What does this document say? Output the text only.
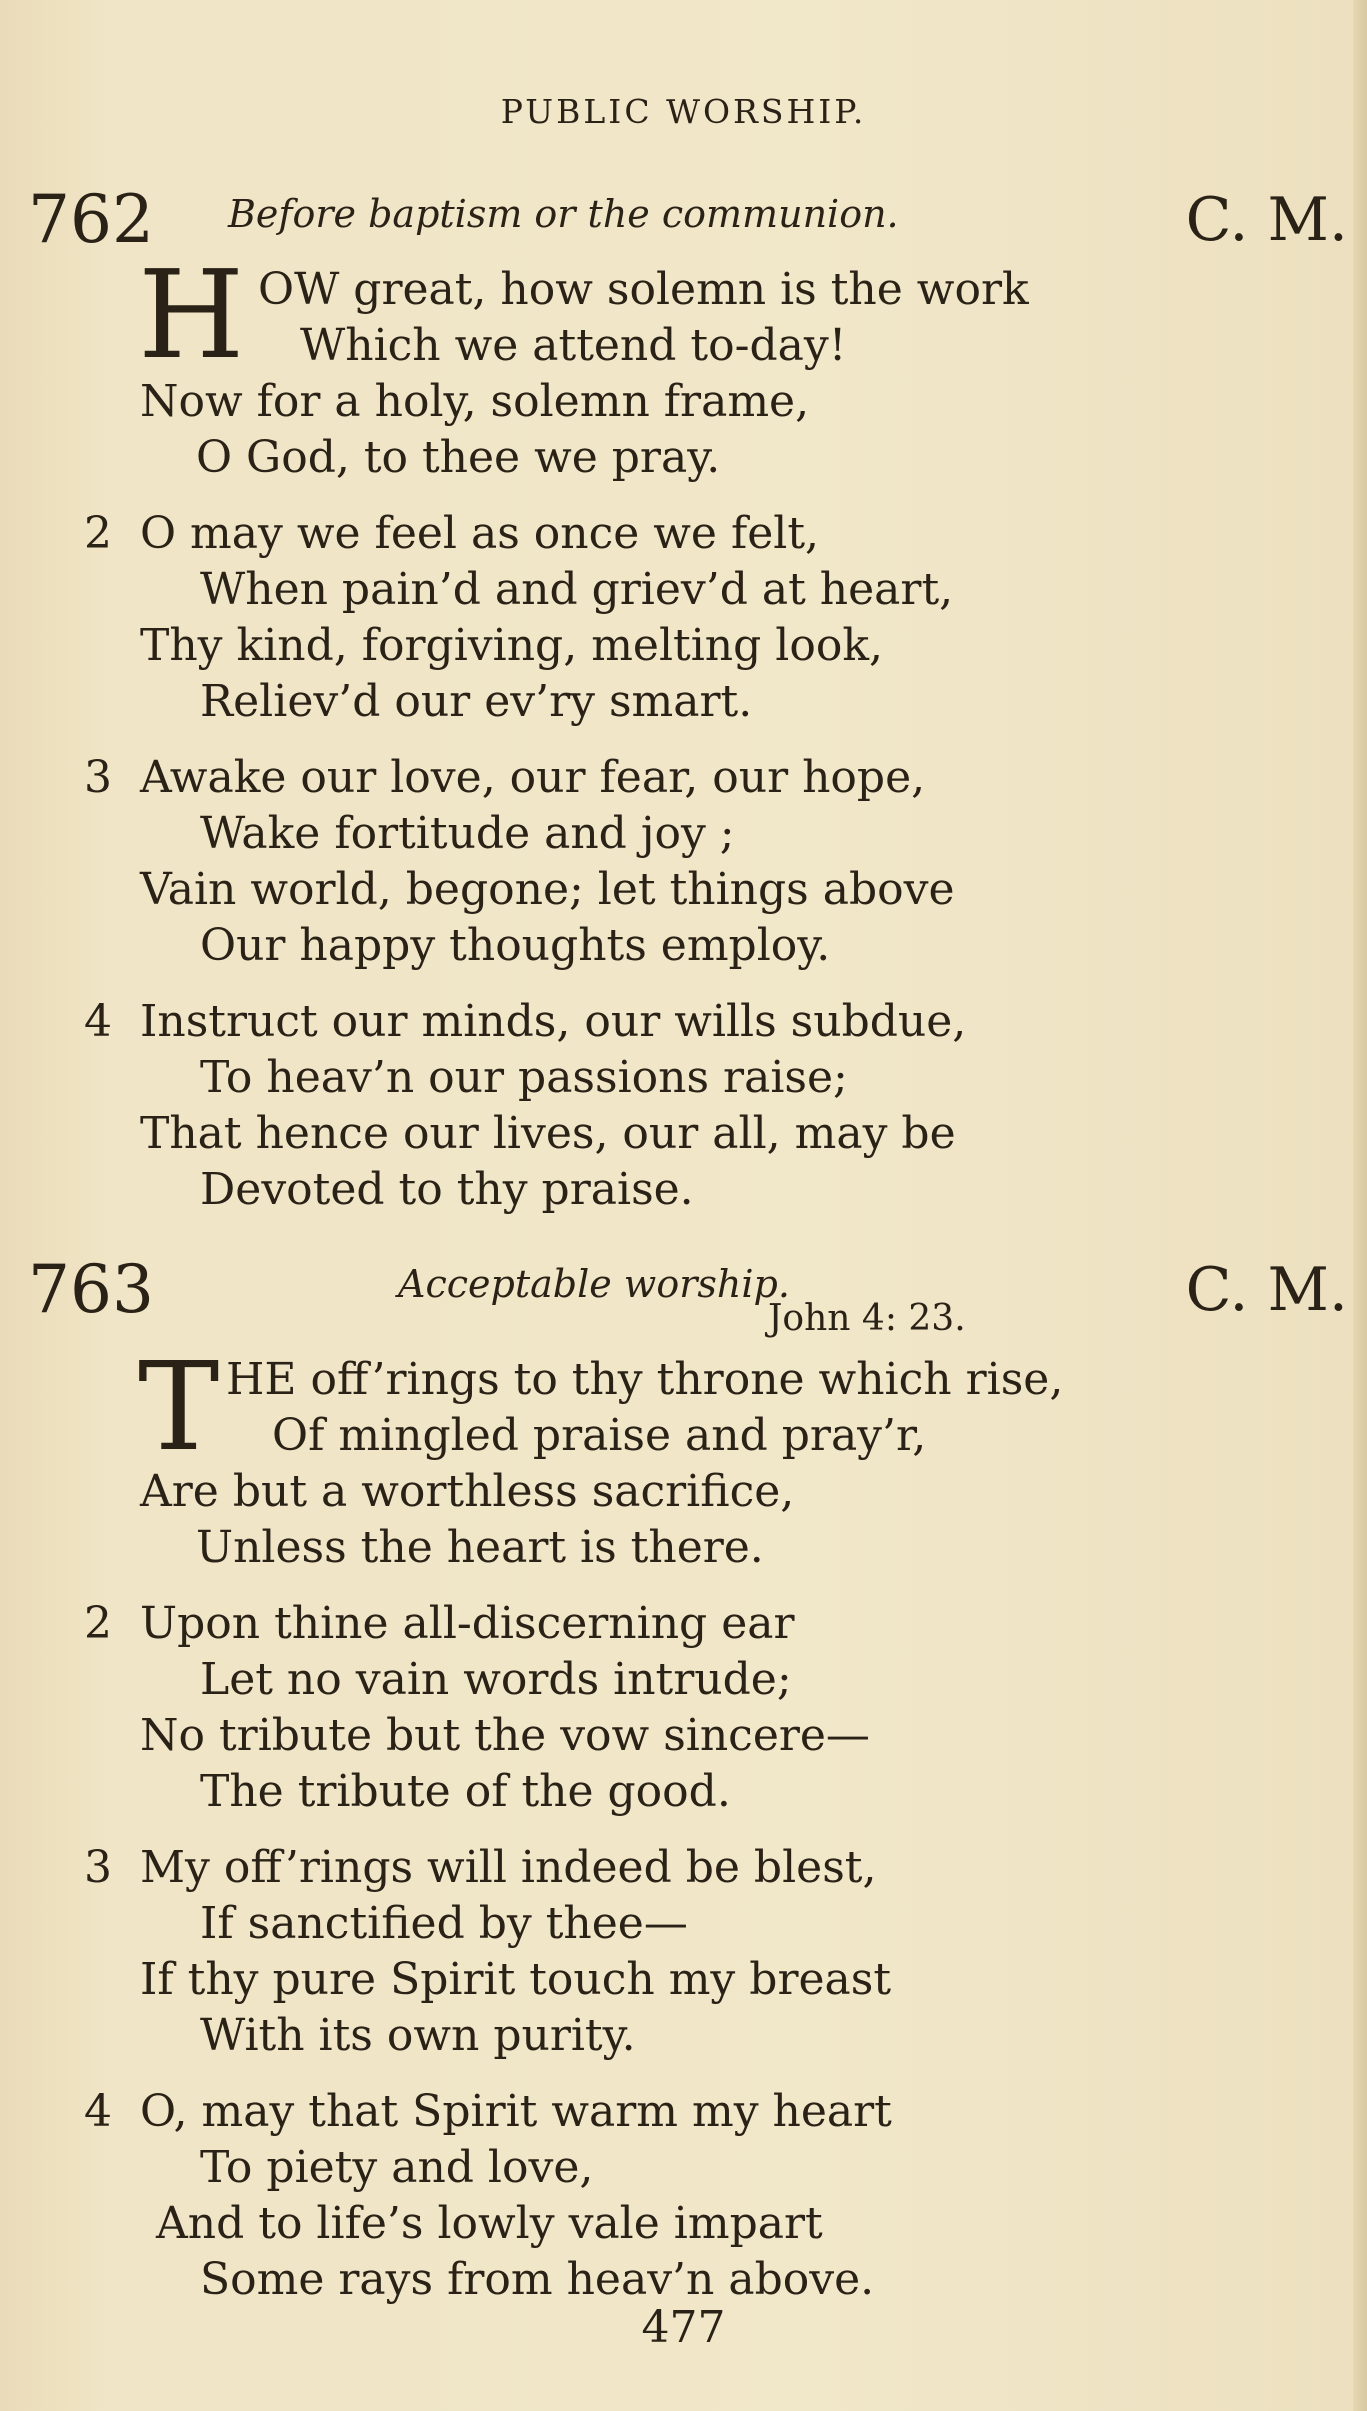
PUBLIC WORSHIP.
762 Before baptism or the communion.	C. M.
H OW great, how solemn is the work
Which we attend to-day!
Now for a holy, solemn frame,
O God, to thee we pray.
2 O may we feel as once we felt,
When pain’d and griev’d at heart,
Thy kind, forgiving, melting look,
Reliev’d our ev’ry smart.
3 Awake our love, our fear, our hope,
Wake fortitude and joy ;
Vain world, begone; let things above
Our happy thoughts employ.
4 Instruct our minds, our wills subdue,
To heav’n our passions raise;
That hence our lives, our all, may be
Devoted to thy praise.
763	Acceptable worship.
John 4: 23.	C. M.
T HE off’rings to thy throne which rise,
Of mingled praise and pray’r,
Are but a worthless sacrifice,
Unless the heart is there.
2 Upon thine all-discerning ear
Let no vain words intrude;
No tribute but the vow sincere—
The tribute of the good.
3 My off’rings will indeed be blest,
If sanctified by thee—
If thy pure Spirit touch my breast
With its own purity.
4 O, may that Spirit warm my heart
To piety and love,
And to life’s lowly vale impart
Some rays from heav’n above.
477
